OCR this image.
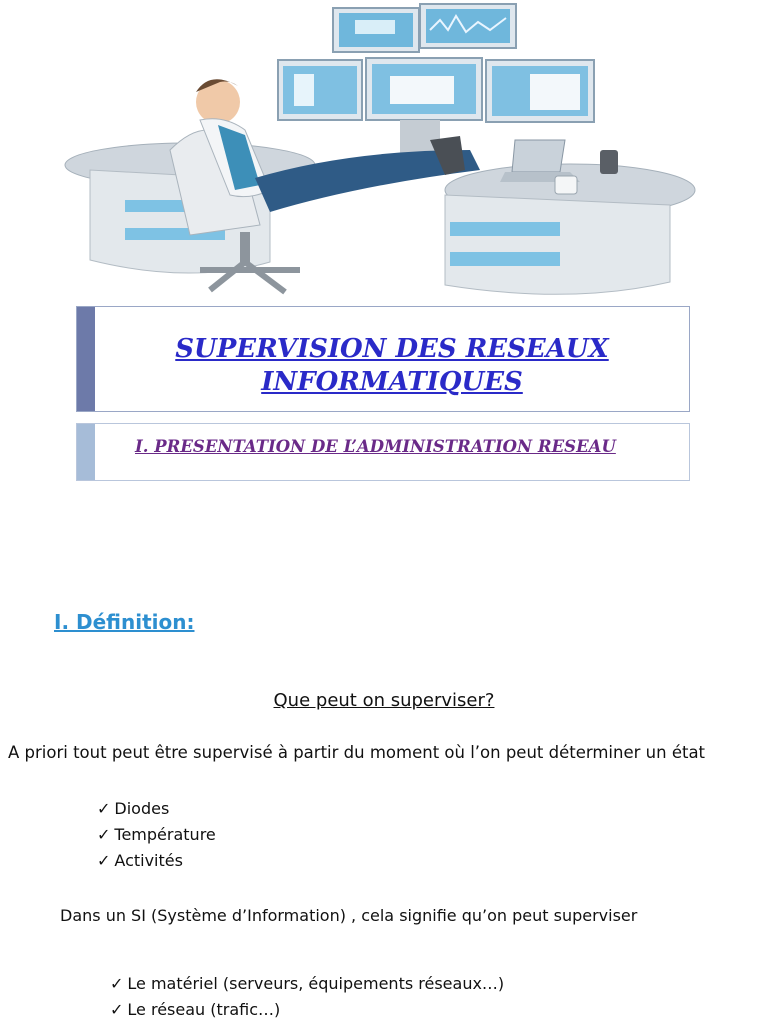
SUPERVISION DES RESEAUX
INFORMATIQUES
I. PRESENTATION DE L’ADMINISTRATION RESEAU
I. Définition:
Que peut on superviser?
A priori tout peut être supervisé à partir du moment où l’on peut déterminer un état
✓ Diodes
✓ Température
✓ Activités
Dans un SI (Système d’Information) , cela signifie qu’on peut superviser
✓ Le matériel (serveurs, équipements réseaux…)
✓ Le réseau (trafic…)
